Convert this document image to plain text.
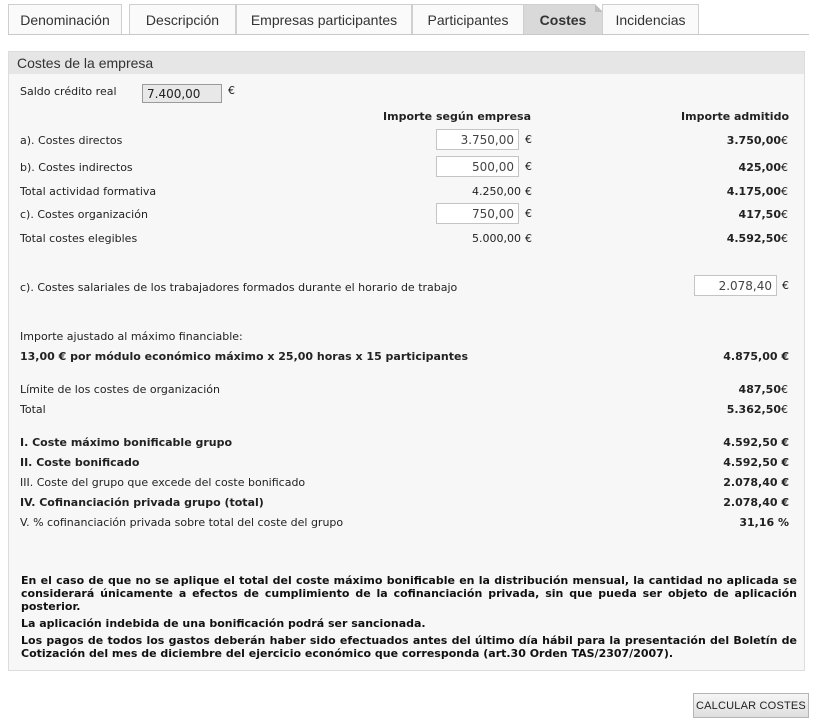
Denominación	Descripción	Empresas participantes	Participantes	Costes	Incidencias
Costes de la empresa
Saldo crédito real	7.400,00	€
Importe según empresa	Importe admitido
a). Costes directos	3.750,00	€	3.750,00 €
b). Costes indirectos	500,00	€	425,00 €
Total actividad formativa	4.250,00 €	4.175,00 €
c). Costes organización	750,00	€	417,50 €
Total costes elegibles	5.000,00 €	4.592,50 €
c). Costes salariales de los trabajadores formados durante el horario de trabajo	2.078,40 €
Importe ajustado al máximo financiable:
13,00 € por módulo económico máximo x 25,00 horas x 15 participantes	4.875,00 €
Límite de los costes de organización	487,50 €
Total	5.362,50 €
I. Coste máximo bonificable grupo	4.592,50 €
II. Coste bonificado	4.592,50 €
III. Coste del grupo que excede del coste bonificado	2.078,40 €
IV. Cofinanciación privada grupo (total)	2.078,40 €
V. % cofinanciación privada sobre total del coste del grupo	31,16 %

En el caso de que no se aplique el total del coste máximo bonificable en la distribución mensual, la cantidad no aplicada se considerará únicamente a efectos de cumplimiento de la cofinanciación privada, sin que pueda ser objeto de aplicación posterior.

La aplicación indebida de una bonificación podrá ser sancionada.

Los pagos de todos los gastos deberán haber sido efectuados antes del último día hábil para la presentación del Boletín de Cotización del mes de diciembre del ejercicio económico que corresponda (art.30 Orden TAS/2307/2007).

CALCULAR COSTES
